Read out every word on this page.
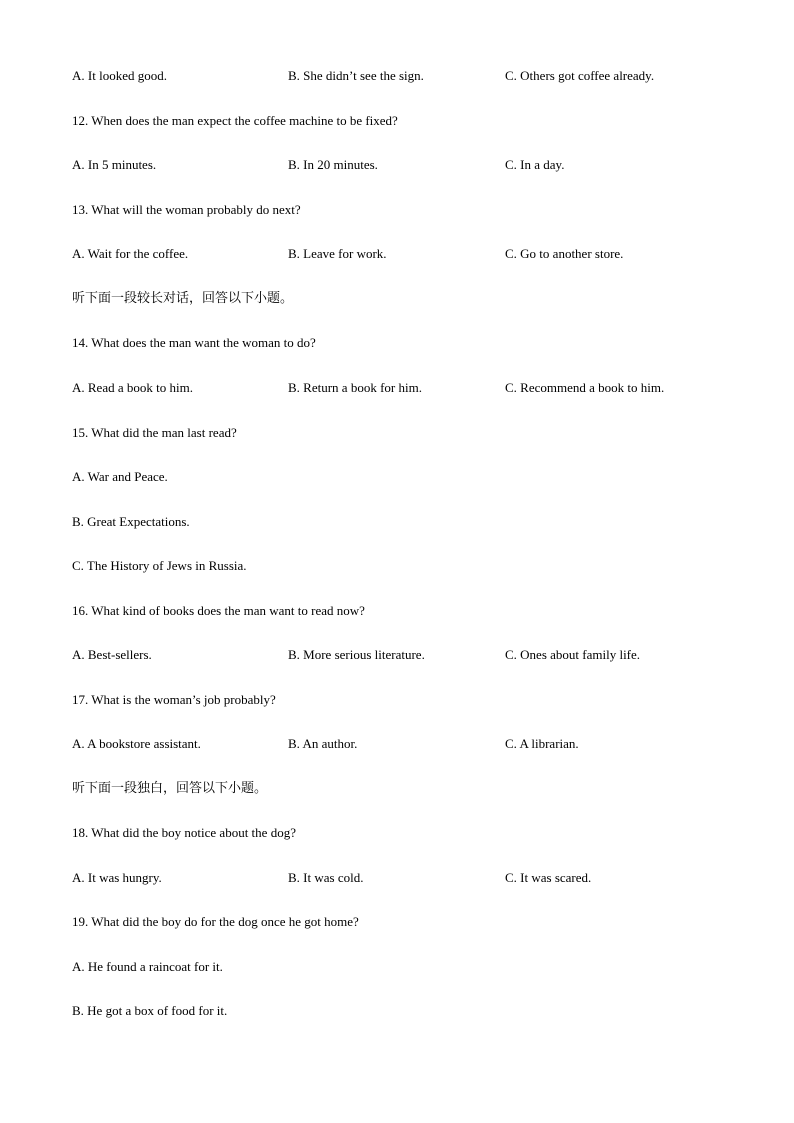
A. It looked good.	B. She didn’t see the sign.	C. Others got coffee already.
12. When does the man expect the coffee machine to be fixed?
A. In 5 minutes.	B. In 20 minutes.	C. In a day.
13. What will the woman probably do next?
A. Wait for the coffee.	B. Leave for work.	C. Go to another store.
听下面一段较长对话，回答以下小题。
14. What does the man want the woman to do?
A. Read a book to him.	B. Return a book for him.	C. Recommend a book to him.
15. What did the man last read?
A. War and Peace.
B. Great Expectations.
C. The History of Jews in Russia.
16. What kind of books does the man want to read now?
A. Best-sellers.	B. More serious literature.	C. Ones about family life.
17. What is the woman’s job probably?
A. A bookstore assistant.	B. An author.	C. A librarian.
听下面一段独白，回答以下小题。
18. What did the boy notice about the dog?
A. It was hungry.	B. It was cold.	C. It was scared.
19. What did the boy do for the dog once he got home?
A. He found a raincoat for it.
B. He got a box of food for it.
